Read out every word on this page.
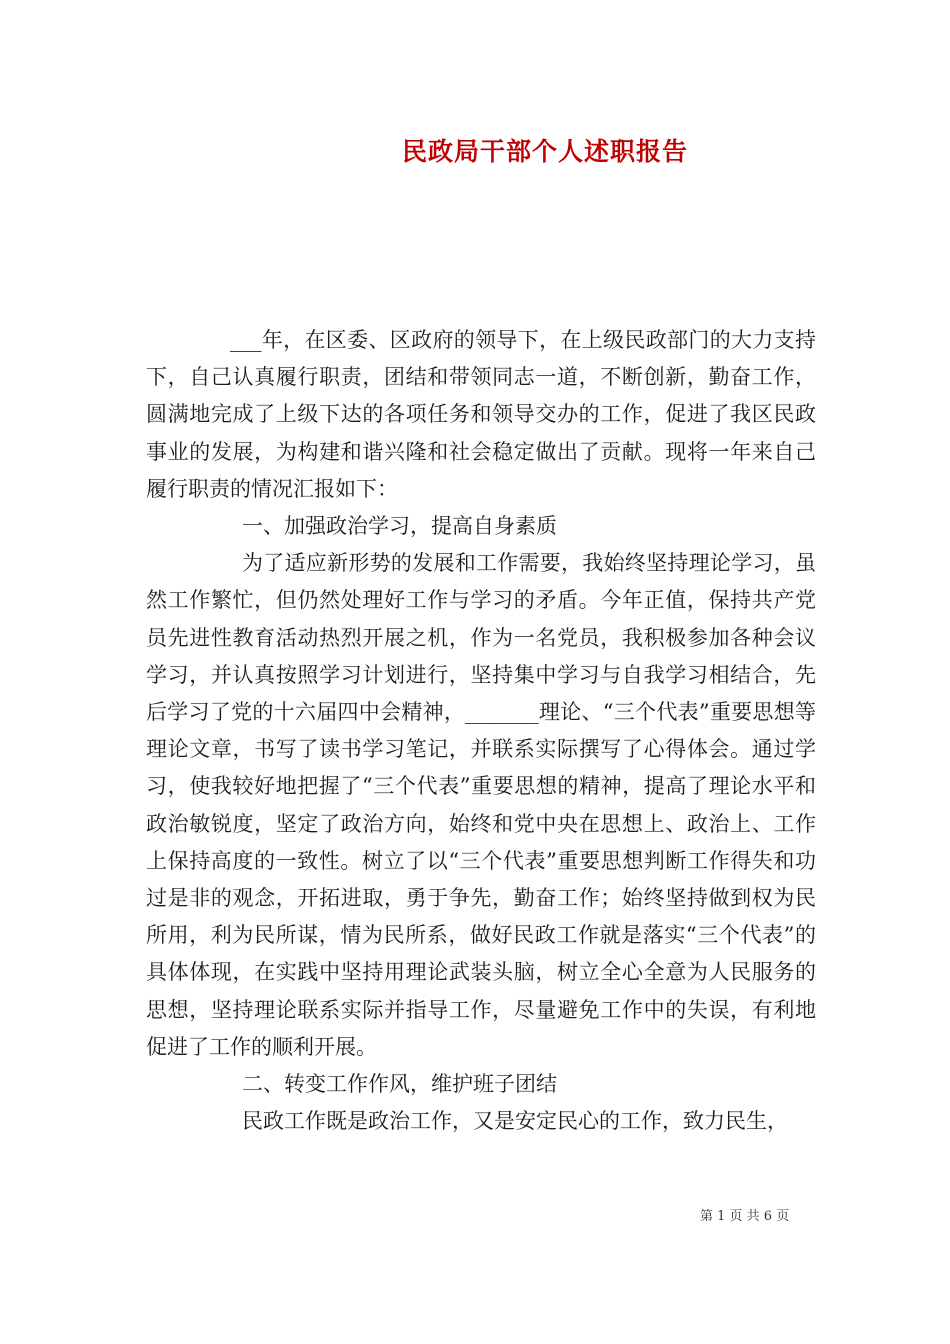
民政局干部个人述职报告

___年，在区委、区政府的领导下，在上级民政部门的大力支持下，自己认真履行职责，团结和带领同志一道，不断创新，勤奋工作，圆满地完成了上级下达的各项任务和领导交办的工作，促进了我区民政事业的发展，为构建和谐兴隆和社会稳定做出了贡献。现将一年来自己履行职责的情况汇报如下：

一、加强政治学习，提高自身素质

为了适应新形势的发展和工作需要，我始终坚持理论学习，虽然工作繁忙，但仍然处理好工作与学习的矛盾。今年正值，保持共产党员先进性教育活动热烈开展之机，作为一名党员，我积极参加各种会议学习，并认真按照学习计划进行，坚持集中学习与自我学习相结合，先后学习了党的十六届四中会精神，_______理论、“三个代表”重要思想等理论文章，书写了读书学习笔记，并联系实际撰写了心得体会。通过学习，使我较好地把握了“三个代表”重要思想的精神，提高了理论水平和政治敏锐度，坚定了政治方向，始终和党中央在思想上、政治上、工作上保持高度的一致性。树立了以“三个代表”重要思想判断工作得失和功过是非的观念，开拓进取，勇于争先，勤奋工作；始终坚持做到权为民所用，利为民所谋，情为民所系，做好民政工作就是落实“三个代表”的具体体现，在实践中坚持用理论武装头脑，树立全心全意为人民服务的思想，坚持理论联系实际并指导工作，尽量避免工作中的失误，有利地促进了工作的顺利开展。

二、转变工作作风，维护班子团结

民政工作既是政治工作，又是安定民心的工作，致力民生，

第 1 页 共 6 页
